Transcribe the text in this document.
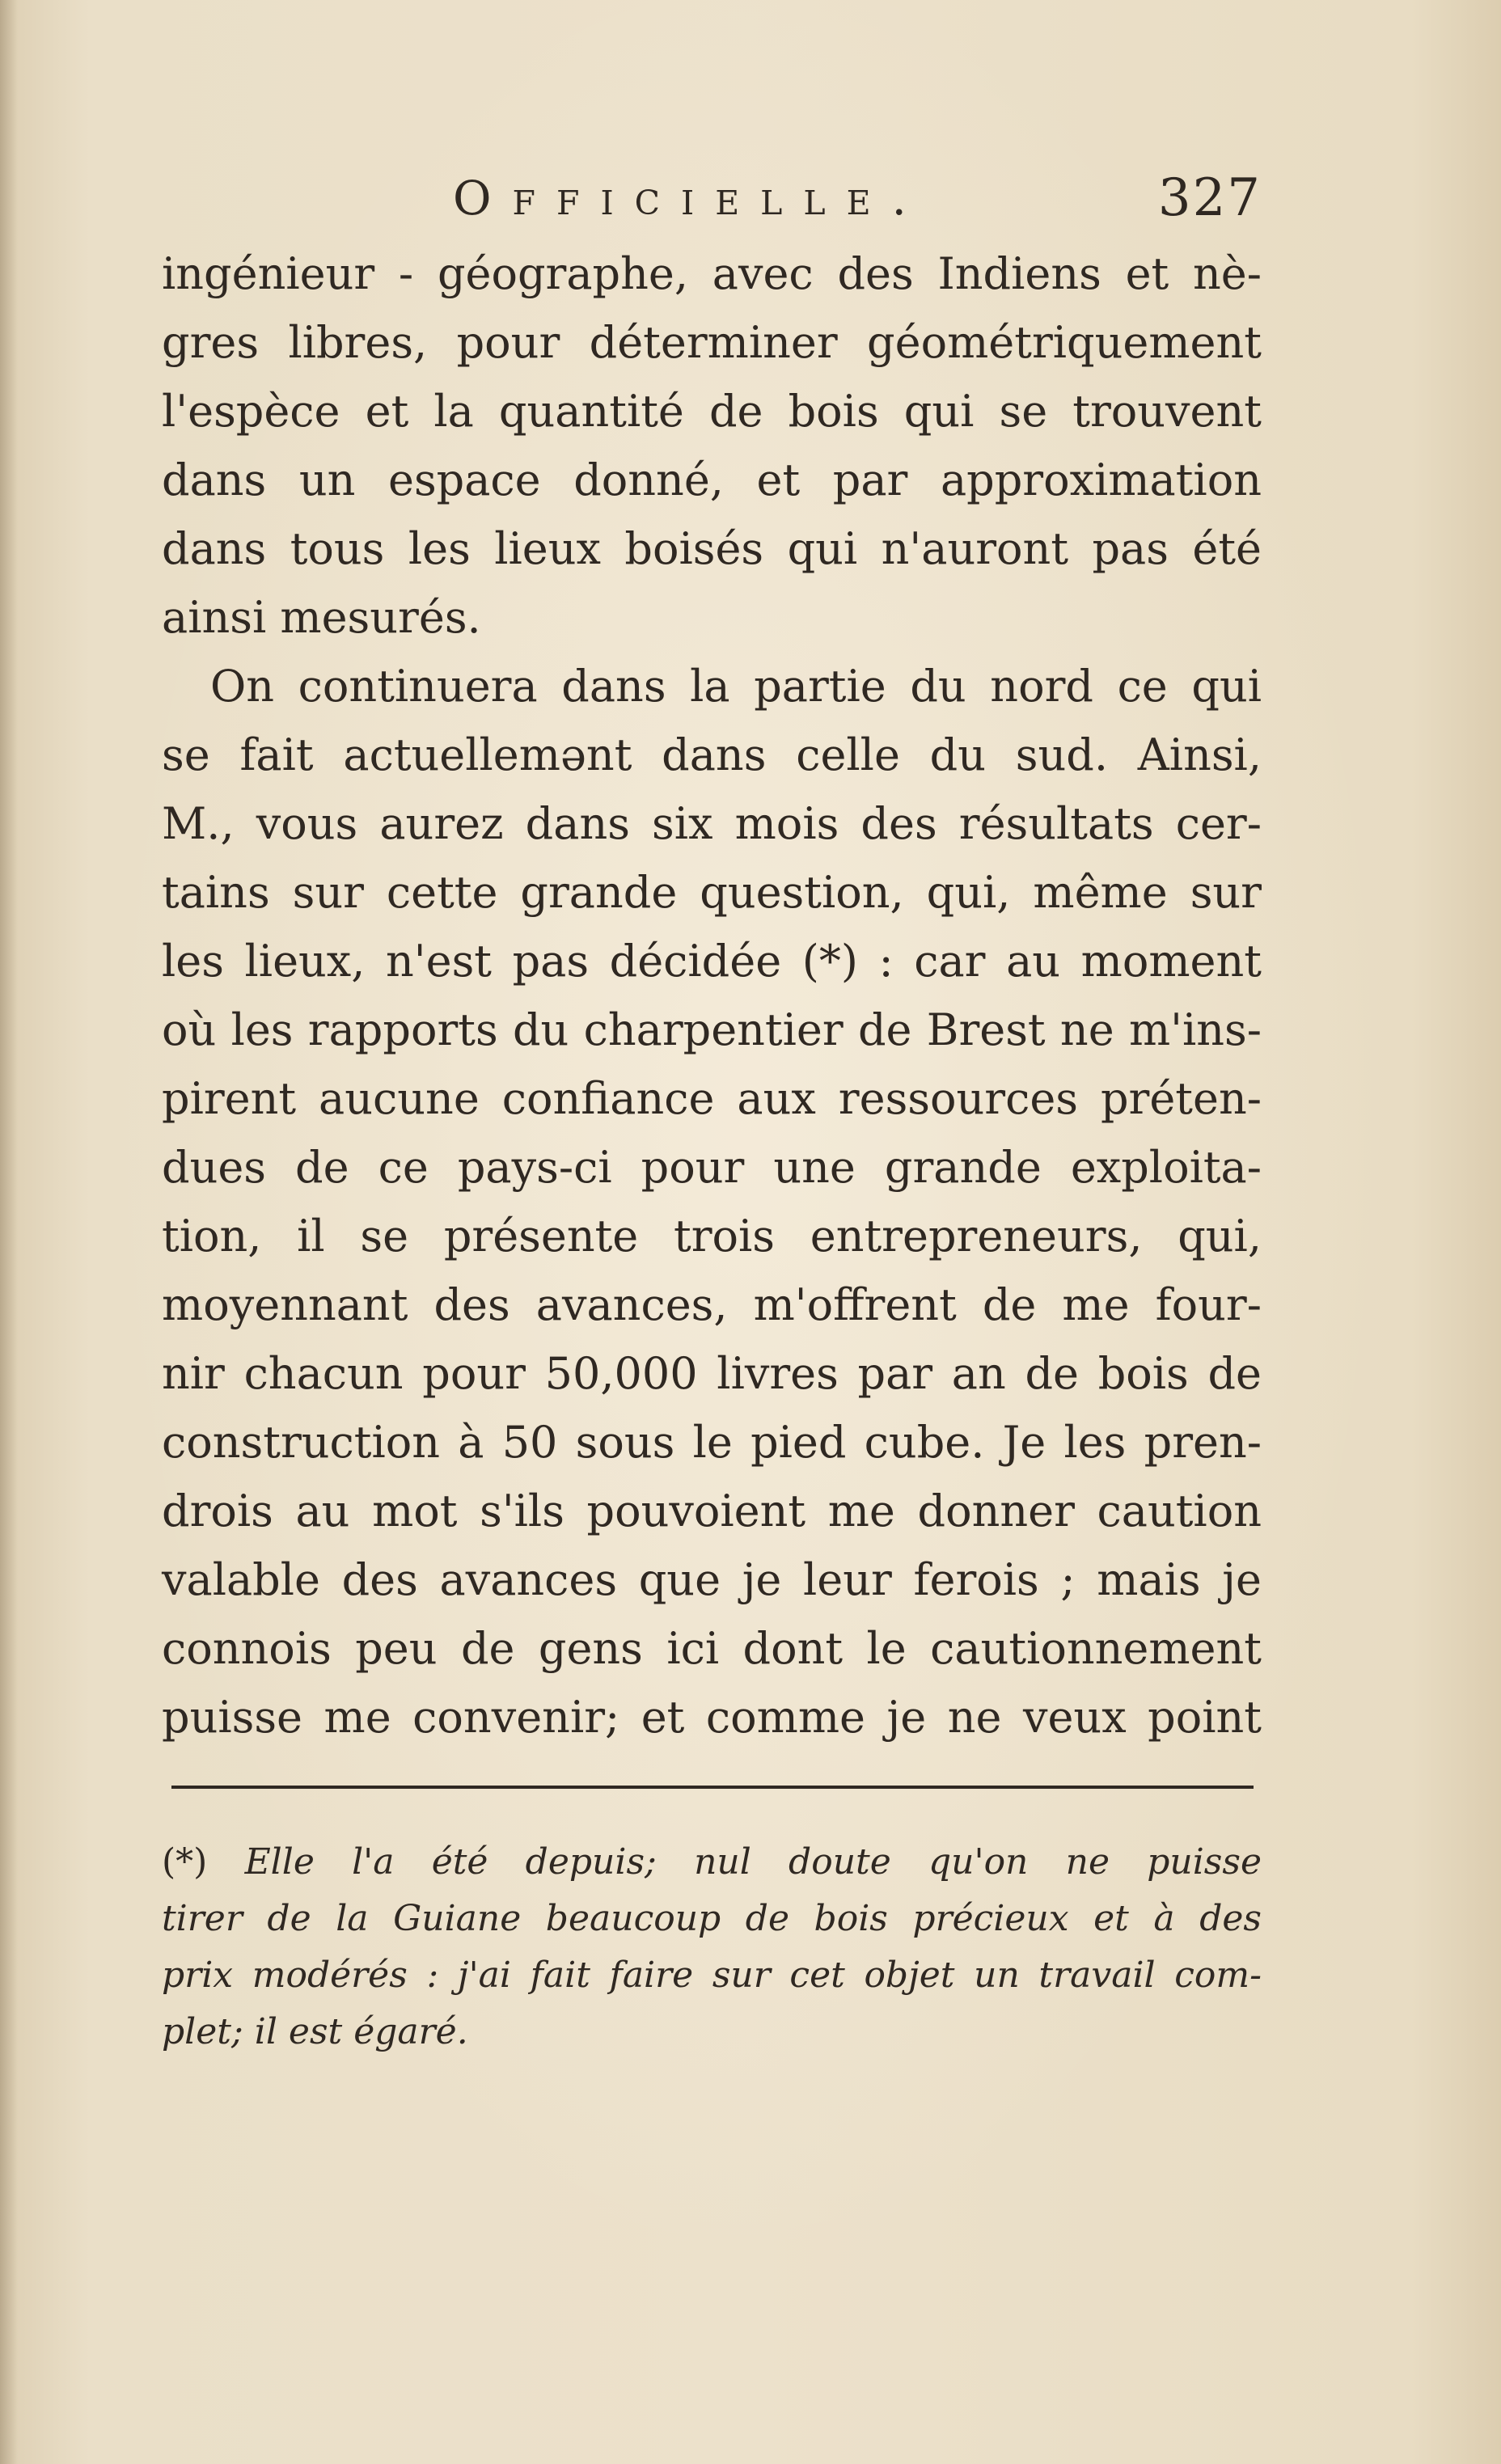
Officielle.	327
ingénieur - géographe, avec des Indiens et nè-
gres libres, pour déterminer géométriquement
l'espèce et la quantité de bois qui se trouvent
dans un espace donné, et par approximation
dans tous les lieux boisés qui n'auront pas été
ainsi mesurés.
On continuera dans la partie du nord ce qui
se fait actuellemənt dans celle du sud. Ainsi,
M., vous aurez dans six mois des résultats cer-
tains sur cette grande question, qui, même sur
les lieux, n'est pas décidée (*) : car au moment
où les rapports du charpentier de Brest ne m'ins-
pirent aucune confiance aux ressources préten-
dues de ce pays-ci pour une grande exploita-
tion, il se présente trois entrepreneurs, qui,
moyennant des avances, m'offrent de me four-
nir chacun pour 50,000 livres par an de bois de
construction à 50 sous le pied cube. Je les pren-
drois au mot s'ils pouvoient me donner caution
valable des avances que je leur ferois ; mais je
connois peu de gens ici dont le cautionnement
puisse me convenir; et comme je ne veux point
(*) Elle l'a été depuis; nul doute qu'on ne puisse
tirer de la Guiane beaucoup de bois précieux et à des
prix modérés : j'ai fait faire sur cet objet un travail com-
plet; il est égaré.
